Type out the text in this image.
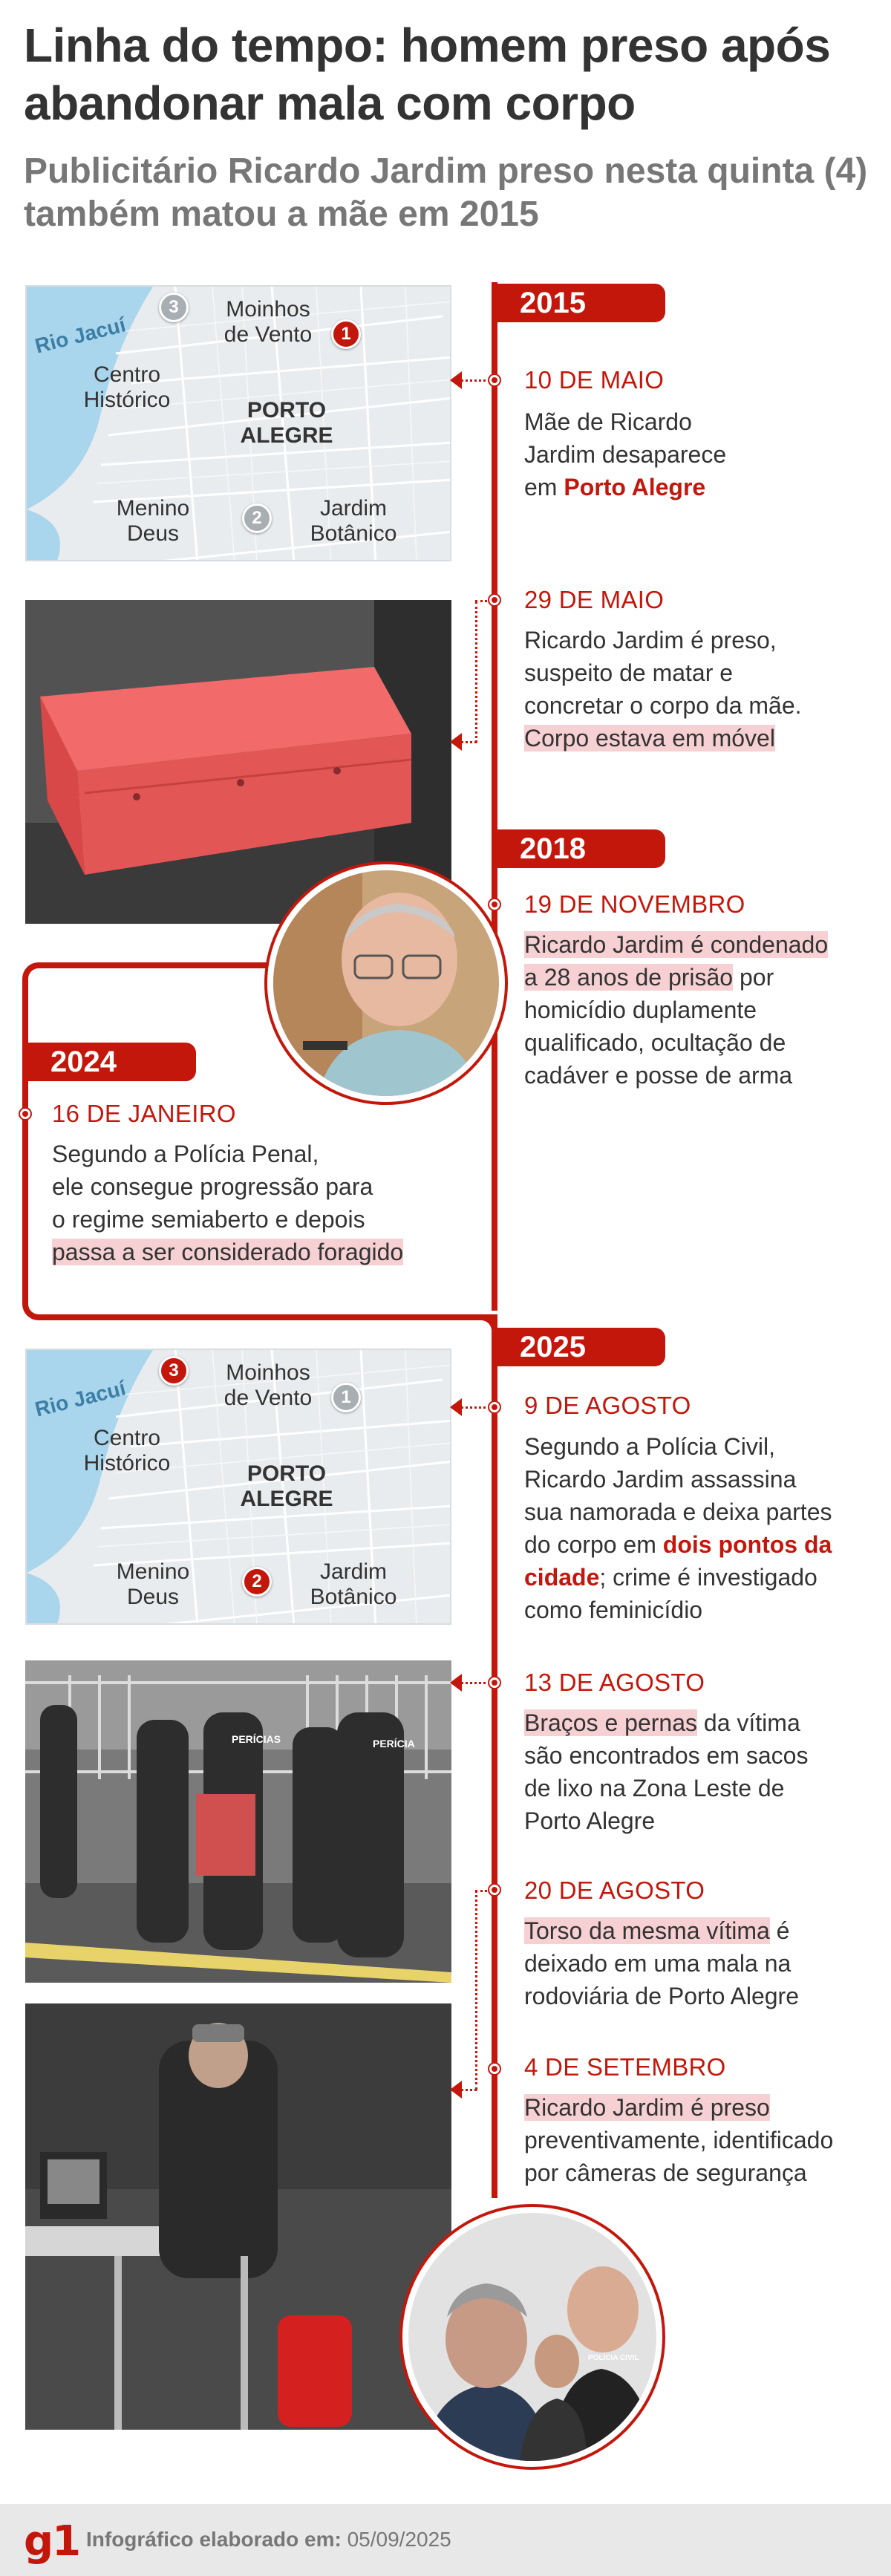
Linha do tempo: homem preso após abandonar mala com corpo
Publicitário Ricardo Jardim preso nesta quinta (4) também matou a mãe em 2015
2015
2018
2024
2025
Rio Jacuí
Moinhos de Vento
Centro Histórico	PORTO ALEGRE
Menino Deus
Jardim Botânico
3
1
2
10 DE MAIO
Mãe de Ricardo
Jardim desaparece
em Porto Alegre
29 DE MAIO
Ricardo Jardim é preso,
suspeito de matar e
concretar o corpo da mãe.
Corpo estava em móvel
19 DE NOVEMBRO
Ricardo Jardim é condenado
a 28 anos de prisão por
homicídio duplamente
qualificado, ocultação de
cadáver e posse de arma
16 DE JANEIRO
Segundo a Polícia Penal,
ele consegue progressão para
o regime semiaberto e depois
passa a ser considerado foragido
Rio Jacuí
Moinhos de Vento
Centro Histórico	PORTO ALEGRE
Menino Deus
Jardim Botânico
3
1
2
9 DE AGOSTO
Segundo a Polícia Civil,
Ricardo Jardim assassina
sua namorada e deixa partes
do corpo em dois pontos da
cidade; crime é investigado
como feminicídio
PERÍCIAS	PERÍCIA
13 DE AGOSTO
Braços e pernas da vítima
são encontrados em sacos
de lixo na Zona Leste de
Porto Alegre
20 DE AGOSTO
Torso da mesma vítima é
deixado em uma mala na
rodoviária de Porto Alegre
4 DE SETEMBRO
Ricardo Jardim é preso
preventivamente, identificado
por câmeras de segurança
POLÍCIA CIVIL
g1 Infográfico elaborado em: 05/09/2025
